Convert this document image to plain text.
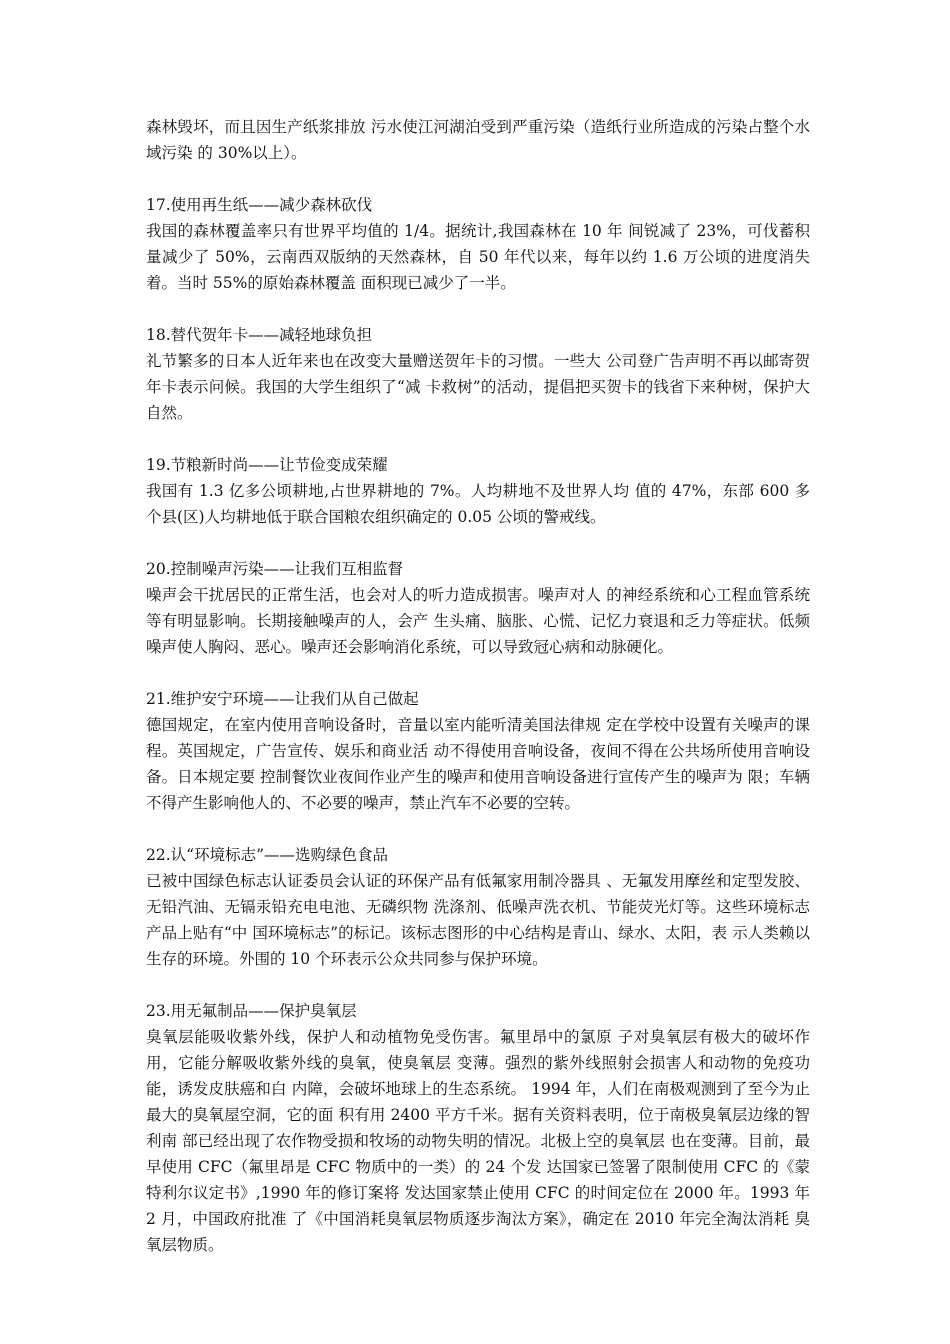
森林毁坏，而且因生产纸浆排放 污水使江河湖泊受到严重污染（造纸行业所造成的污染占整个水域污染 的 30%以上）。

17.使用再生纸——减少森林砍伐

我国的森林覆盖率只有世界平均值的 1/4。据统计,我国森林在 10 年 间锐减了 23%，可伐蓄积量减少了 50%，云南西双版纳的天然森林，自 50 年代以来，每年以约 1.6 万公顷的进度消失着。当时 55%的原始森林覆盖 面积现已减少了一半。

18.替代贺年卡——减轻地球负担

礼节繁多的日本人近年来也在改变大量赠送贺年卡的习惯。一些大 公司登广告声明不再以邮寄贺年卡表示问候。我国的大学生组织了“减 卡救树”的活动，提倡把买贺卡的钱省下来种树，保护大自然。

19.节粮新时尚——让节俭变成荣耀

我国有 1.3 亿多公顷耕地,占世界耕地的 7%。人均耕地不及世界人均 值的 47%，东部 600 多个县(区)人均耕地低于联合国粮农组织确定的 0.05 公顷的警戒线。

20.控制噪声污染——让我们互相监督

噪声会干扰居民的正常生活，也会对人的听力造成损害。噪声对人 的神经系统和心工程血管系统等有明显影响。长期接触噪声的人，会产 生头痛、脑胀、心慌、记忆力衰退和乏力等症状。低频噪声使人胸闷、恶心。噪声还会影响消化系统，可以导致冠心病和动脉硬化。

21.维护安宁环境——让我们从自己做起

德国规定，在室内使用音响设备时，音量以室内能听清美国法律规 定在学校中设置有关噪声的课程。英国规定，广告宣传、娱乐和商业活 动不得使用音响设备，夜间不得在公共场所使用音响设备。日本规定要 控制餐饮业夜间作业产生的噪声和使用音响设备进行宣传产生的噪声为 限；车辆不得产生影响他人的、不必要的噪声，禁止汽车不必要的空转。

22.认“环境标志”——选购绿色食品

已被中国绿色标志认证委员会认证的环保产品有低氟家用制冷器具 、无氟发用摩丝和定型发胶、无铅汽油、无镉汞铅充电电池、无磷织物 洗涤剂、低噪声洗衣机、节能荧光灯等。这些环境标志产品上贴有“中 国环境标志”的标记。该标志图形的中心结构是青山、绿水、太阳，表 示人类赖以生存的环境。外围的 10 个环表示公众共同参与保护环境。

23.用无氟制品——保护臭氧层

臭氧层能吸收紫外线，保护人和动植物免受伤害。氟里昂中的氯原 子对臭氧层有极大的破坏作用，它能分解吸收紫外线的臭氧，使臭氧层 变薄。强烈的紫外线照射会损害人和动物的免疫功能，诱发皮肤癌和白 内障，会破坏地球上的生态系统。 1994 年，人们在南极观测到了至今为止最大的臭氧屋空洞，它的面 积有用 2400 平方千米。据有关资料表明，位于南极臭氧层边缘的智利南 部已经出现了农作物受损和牧场的动物失明的情况。北极上空的臭氧层 也在变薄。目前，最早使用 CFC（氟里昂是 CFC 物质中的一类）的 24 个发 达国家已签署了限制使用 CFC 的《蒙特利尔议定书》,1990 年的修订案将 发达国家禁止使用 CFC 的时间定位在 2000 年。1993 年 2 月，中国政府批准 了《中国消耗臭氧层物质逐步淘汰方案》，确定在 2010 年完全淘汰消耗 臭氧层物质。
